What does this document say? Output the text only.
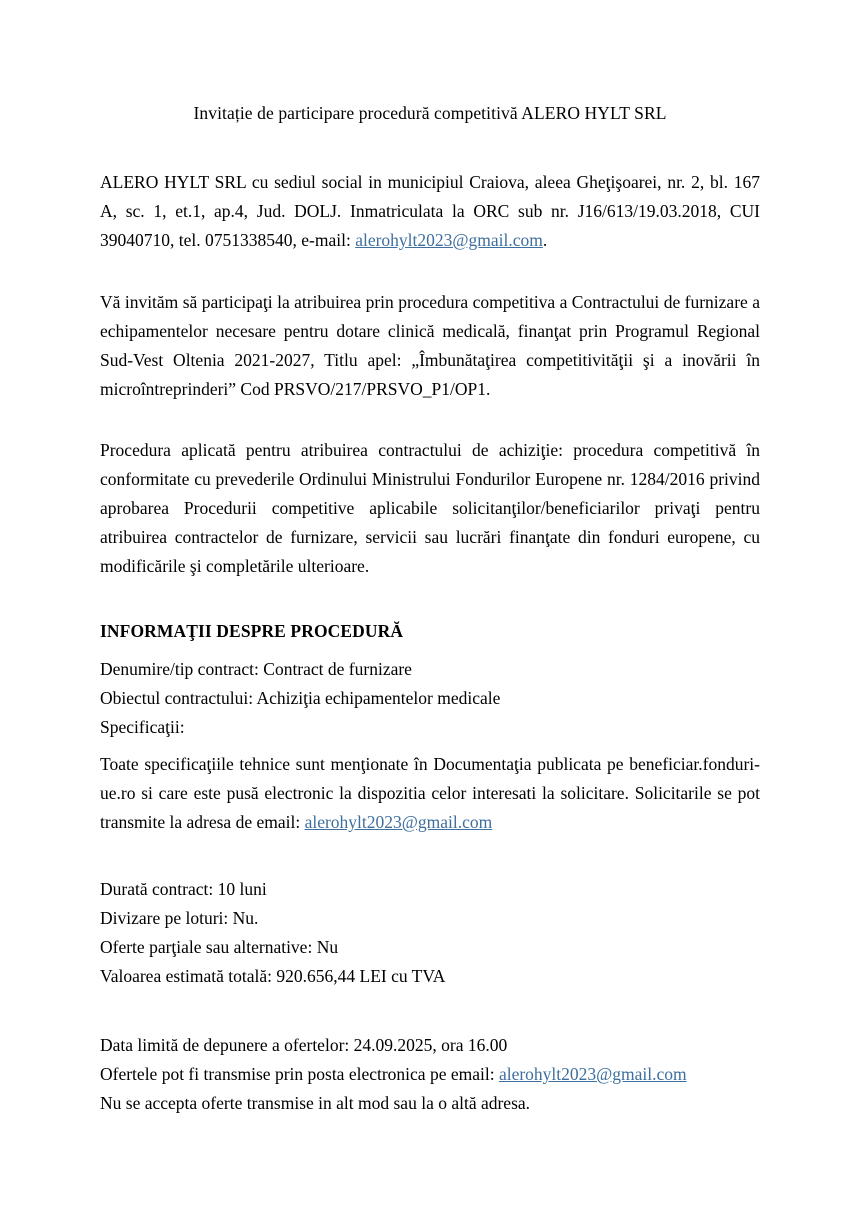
Invitație de participare procedură competitivă ALERO HYLT SRL

ALERO HYLT SRL cu sediul social in municipiul Craiova, aleea Gheţişoarei, nr. 2, bl. 167 A, sc. 1, et.1, ap.4, Jud. DOLJ. Inmatriculata la ORC sub nr. J16/613/19.03.2018, CUI 39040710, tel. 0751338540, e-mail: alerohylt2023@gmail.com.

Vă invităm să participaţi la atribuirea prin procedura competitiva a Contractului de furnizare a echipamentelor necesare pentru dotare clinică medicală, finanţat prin Programul Regional Sud-Vest Oltenia 2021-2027, Titlu apel: „Îmbunătaţirea competitivităţii şi a inovării în microîntreprinderi” Cod PRSVO/217/PRSVO_P1/OP1.

Procedura aplicată pentru atribuirea contractului de achiziţie: procedura competitivă în conformitate cu prevederile Ordinului Ministrului Fondurilor Europene nr. 1284/2016 privind aprobarea Procedurii competitive aplicabile solicitanţilor/beneficiarilor privaţi pentru atribuirea contractelor de furnizare, servicii sau lucrări finanţate din fonduri europene, cu modificările şi completările ulterioare.

INFORMAŢII DESPRE PROCEDURĂ

Denumire/tip contract: Contract de furnizare

Obiectul contractului: Achiziţia echipamentelor medicale

Specificaţii:

Toate specificaţiile tehnice sunt menţionate în Documentaţia publicata pe beneficiar.fonduri-ue.ro si care este pusă electronic la dispozitia celor interesati la solicitare. Solicitarile se pot transmite la adresa de email: alerohylt2023@gmail.com

Durată contract: 10 luni

Divizare pe loturi: Nu.

Oferte parţiale sau alternative: Nu

Valoarea estimată totală: 920.656,44 LEI cu TVA

Data limită de depunere a ofertelor: 24.09.2025, ora 16.00

Ofertele pot fi transmise prin posta electronica pe email: alerohylt2023@gmail.com

Nu se accepta oferte transmise in alt mod sau la o altă adresa.
